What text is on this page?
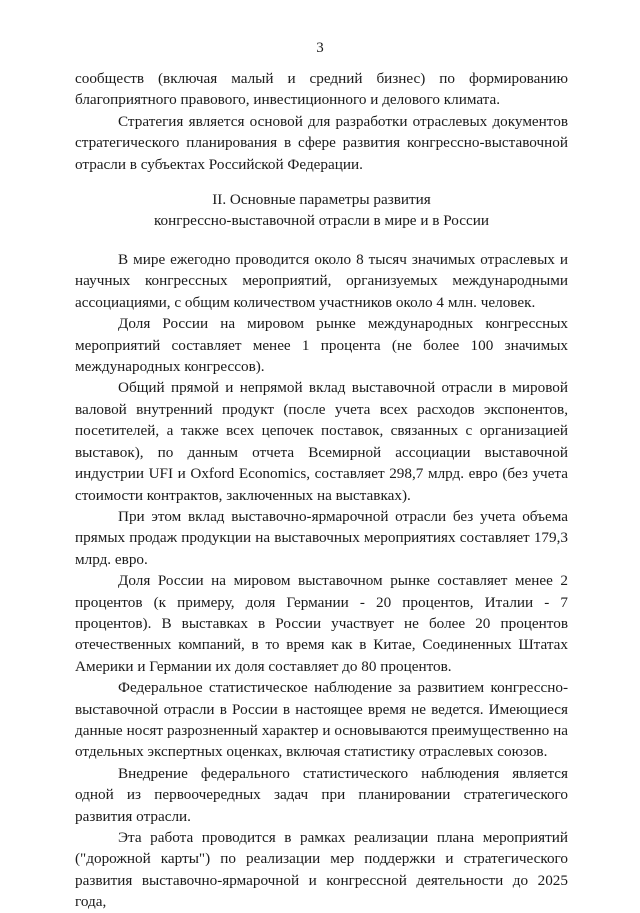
3

сообществ (включая малый и средний бизнес) по формированию благоприятного правового, инвестиционного и делового климата.

Стратегия является основой для разработки отраслевых документов стратегического планирования в сфере развития конгрессно-выставочной отрасли в субъектах Российской Федерации.

II. Основные параметры развития
конгрессно-выставочной отрасли в мире и в России

В мире ежегодно проводится около 8 тысяч значимых отраслевых и научных конгрессных мероприятий, организуемых международными ассоциациями, с общим количеством участников около 4 млн. человек.

Доля России на мировом рынке международных конгрессных мероприятий составляет менее 1 процента (не более 100 значимых международных конгрессов).

Общий прямой и непрямой вклад выставочной отрасли в мировой валовой внутренний продукт (после учета всех расходов экспонентов, посетителей, а также всех цепочек поставок, связанных с организацией выставок), по данным отчета Всемирной ассоциации выставочной индустрии UFI и Oxford Economics, составляет 298,7 млрд. евро (без учета стоимости контрактов, заключенных на выставках).

При этом вклад выставочно-ярмарочной отрасли без учета объема прямых продаж продукции на выставочных мероприятиях составляет 179,3 млрд. евро.

Доля России на мировом выставочном рынке составляет менее 2 процентов (к примеру, доля Германии - 20 процентов, Италии - 7 процентов). В выставках в России участвует не более 20 процентов отечественных компаний, в то время как в Китае, Соединенных Штатах Америки и Германии их доля составляет до 80 процентов.

Федеральное статистическое наблюдение за развитием конгрессно-выставочной отрасли в России в настоящее время не ведется. Имеющиеся данные носят разрозненный характер и основываются преимущественно на отдельных экспертных оценках, включая статистику отраслевых союзов.

Внедрение федерального статистического наблюдения является одной из первоочередных задач при планировании стратегического развития отрасли.

Эта работа проводится в рамках реализации плана мероприятий ("дорожной карты") по реализации мер поддержки и стратегического развития выставочно-ярмарочной и конгрессной деятельности до 2025 года,
